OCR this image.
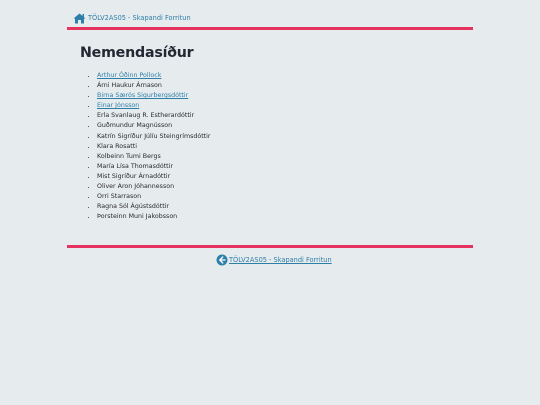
TÖLV2AS05 - Skapandi Forritun
Nemendasíður
• Arthur Óðinn Pollock
• Árni Haukur Árnason
• Birna Særós Sigurbergsdóttir
• Einar Jónsson
• Erla Svanlaug R. Estherardóttir
• Guðmundur Magnússon
• Katrín Sigríður Júlíu Steingrímsdóttir
• Klara Rosatti
• Kolbeinn Tumi Bergs
• María Lísa Thomasdóttir
• Mist Sigríður Árnadóttir
• Oliver Aron Jóhannesson
• Orri Starrason
• Ragna Sól Ágústsdóttir
• Þorsteinn Muni Jakobsson
TÖLV2AS05 - Skapandi Forritun
